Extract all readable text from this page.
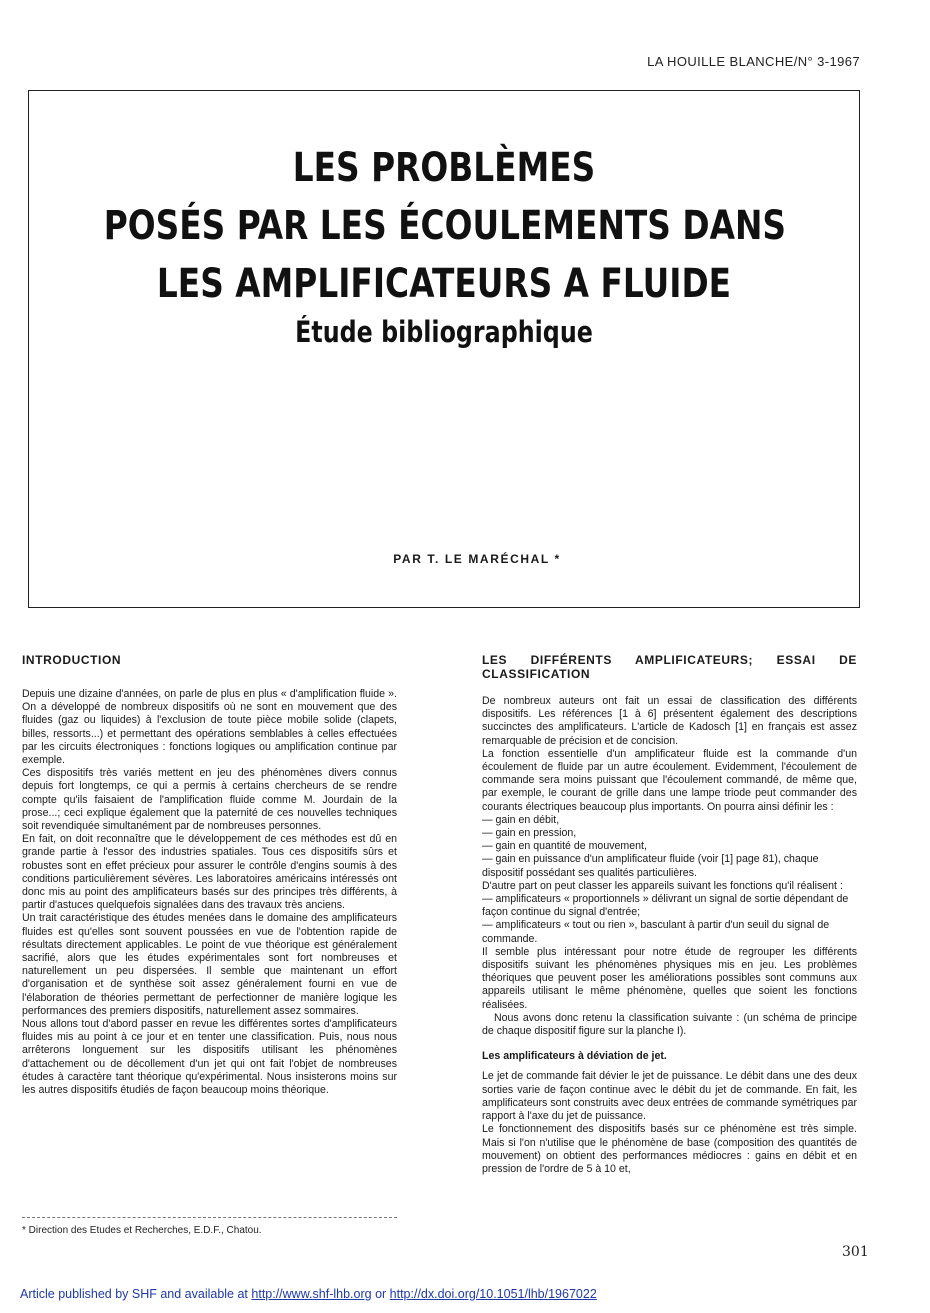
LA HOUILLE BLANCHE/N° 3-1967
LES PROBLÈMES
POSÉS PAR LES ÉCOULEMENTS DANS
LES AMPLIFICATEURS A FLUIDE
Étude bibliographique
PAR T. LE MARÉCHAL *

INTRODUCTION

Depuis une dizaine d'années, on parle de plus en plus « d'amplification fluide ». On a développé de nombreux dispositifs où ne sont en mouvement que des fluides (gaz ou liquides) à l'exclusion de toute pièce mobile solide (clapets, billes, ressorts...) et permettant des opérations semblables à celles effectuées par les circuits électroniques : fonctions logiques ou amplification continue par exemple.

Ces dispositifs très variés mettent en jeu des phénomènes divers connus depuis fort longtemps, ce qui a permis à certains chercheurs de se rendre compte qu'ils faisaient de l'amplification fluide comme M. Jourdain de la prose...; ceci explique également que la paternité de ces nouvelles techniques soit revendiquée simultanément par de nombreuses personnes.

En fait, on doit reconnaître que le développement de ces méthodes est dû en grande partie à l'essor des industries spatiales. Tous ces dispositifs sûrs et robustes sont en effet précieux pour assurer le contrôle d'engins soumis à des conditions particulièrement sévères. Les laboratoires américains intéressés ont donc mis au point des amplificateurs basés sur des principes très différents, à partir d'astuces quelquefois signalées dans des travaux très anciens.

Un trait caractéristique des études menées dans le domaine des amplificateurs fluides est qu'elles sont souvent poussées en vue de l'obtention rapide de résultats directement applicables. Le point de vue théorique est généralement sacrifié, alors que les études expérimentales sont fort nombreuses et naturellement un peu dispersées. Il semble que maintenant un effort d'organisation et de synthèse soit assez généralement fourni en vue de l'élaboration de théories permettant de perfectionner de manière logique les performances des premiers dispositifs, naturellement assez sommaires.

Nous allons tout d'abord passer en revue les différentes sortes d'amplificateurs fluides mis au point à ce jour et en tenter une classification. Puis, nous nous arrêterons longuement sur les dispositifs utilisant les phénomènes d'attachement ou de décollement d'un jet qui ont fait l'objet de nombreuses études à caractère tant théorique qu'expérimental. Nous insisterons moins sur les autres dispositifs étudiés de façon beaucoup moins théorique.

* Direction des Etudes et Recherches, E.D.F., Chatou.

LES DIFFÉRENTS AMPLIFICATEURS; ESSAI DE CLASSIFICATION

De nombreux auteurs ont fait un essai de classification des différents dispositifs. Les références [1 à 6] présentent également des descriptions succinctes des amplificateurs. L'article de Kadosch [1] en français est assez remarquable de précision et de concision.

La fonction essentielle d'un amplificateur fluide est la commande d'un écoulement de fluide par un autre écoulement. Evidemment, l'écoulement de commande sera moins puissant que l'écoulement commandé, de même que, par exemple, le courant de grille dans une lampe triode peut commander des courants électriques beaucoup plus importants. On pourra ainsi définir les :

— gain en débit,
— gain en pression,
— gain en quantité de mouvement,
— gain en puissance d'un amplificateur fluide (voir [1] page 81), chaque dispositif possédant ses qualités particulières.

D'autre part on peut classer les appareils suivant les fonctions qu'il réalisent :

— amplificateurs « proportionnels » délivrant un signal de sortie dépendant de façon continue du signal d'entrée;
— amplificateurs « tout ou rien », basculant à partir d'un seuil du signal de commande.

Il semble plus intéressant pour notre étude de regrouper les différents dispositifs suivant les phénomènes physiques mis en jeu. Les problèmes théoriques que peuvent poser les améliorations possibles sont communs aux appareils utilisant le même phénomène, quelles que soient les fonctions réalisées.

Nous avons donc retenu la classification suivante : (un schéma de principe de chaque dispositif figure sur la planche I).

Les amplificateurs à déviation de jet.

Le jet de commande fait dévier le jet de puissance. Le débit dans une des deux sorties varie de façon continue avec le débit du jet de commande. En fait, les amplificateurs sont construits avec deux entrées de commande symétriques par rapport à l'axe du jet de puissance.

Le fonctionnement des dispositifs basés sur ce phénomène est très simple. Mais si l'on n'utilise que le phénomène de base (composition des quantités de mouvement) on obtient des performances médiocres : gains en débit et en pression de l'ordre de 5 à 10 et,

301
Article published by SHF and available at http://www.shf-lhb.org or http://dx.doi.org/10.1051/lhb/1967022
